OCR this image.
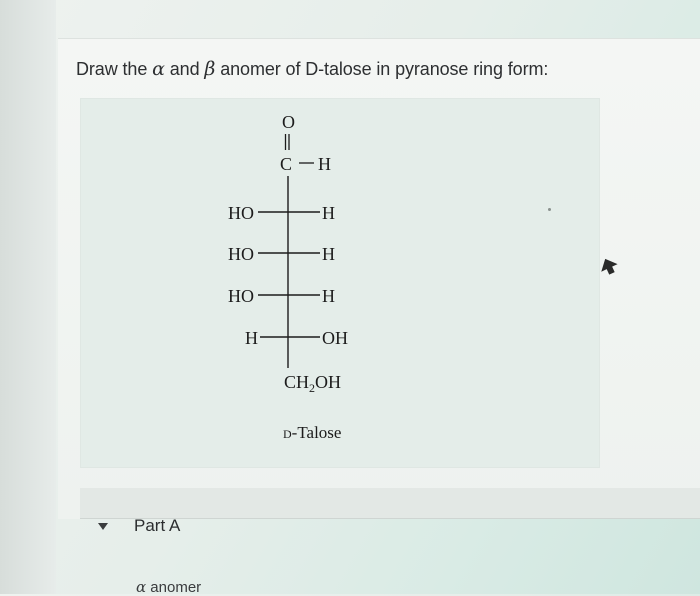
Draw the α and β anomer of D-talose in pyranose ring form:

O
C H
HO	H
HO	H
HO	H
H	OH
$CH_2OH$
D-Talose
Part A
α anomer
